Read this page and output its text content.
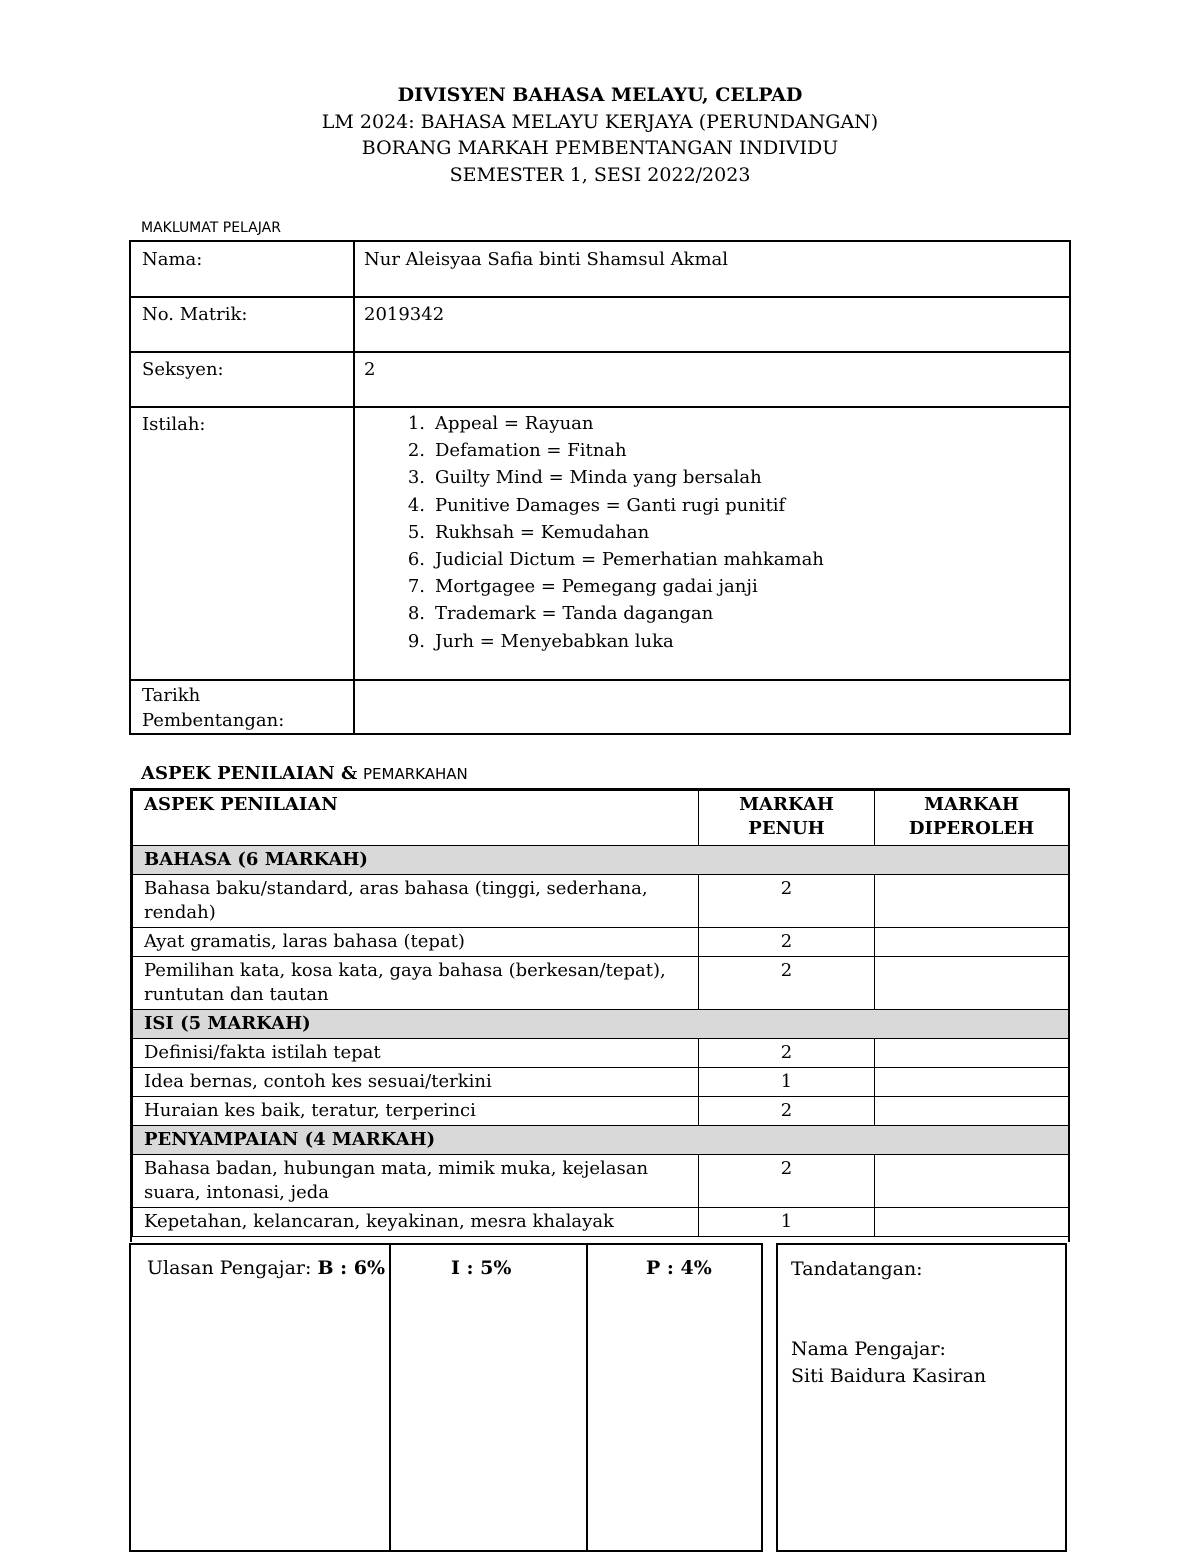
DIVISYEN BAHASA MELAYU, CELPAD
LM 2024: BAHASA MELAYU KERJAYA (PERUNDANGAN)
BORANG MARKAH PEMBENTANGAN INDIVIDU
SEMESTER 1, SESI 2022/2023
MAKLUMAT PELAJAR
Nama:	Nur Aleisyaa Safia binti Shamsul Akmal
No. Matrik:	2019342
Seksyen:	2
Istilah:	1. Appeal = Rayuan
2. Defamation = Fitnah
3. Guilty Mind = Minda yang bersalah
4. Punitive Damages = Ganti rugi punitif
5. Rukhsah = Kemudahan
6. Judicial Dictum = Pemerhatian mahkamah
7. Mortgagee = Pemegang gadai janji
8. Trademark = Tanda dagangan
9. Jurh = Menyebabkan luka
Tarikh
Pembentangan:
ASPEK PENILAIAN & PEMARKAHAN
ASPEK PENILAIAN	MARKAH PENUH	MARKAH DIPEROLEH
BAHASA (6 MARKAH)		
Bahasa baku/standard, aras bahasa (tinggi, sederhana, rendah)	2	
Ayat gramatis, laras bahasa (tepat)	2	
Pemilihan kata, kosa kata, gaya bahasa (berkesan/tepat), runtutan dan tautan	2	
ISI (5 MARKAH)		
Definisi/fakta istilah tepat	2	
Idea bernas, contoh kes sesuai/terkini	1	
Huraian kes baik, teratur, terperinci	2	
PENYAMPAIAN (4 MARKAH)		
Bahasa badan, hubungan mata, mimik muka, kejelasan suara, intonasi, jeda	2	
Kepetahan, kelancaran, keyakinan, mesra khalayak	1	
Ulasan Pengajar: B : 6%	I : 5%	P : 4%	Tandatangan:
Nama Pengajar:
Siti Baidura Kasiran
